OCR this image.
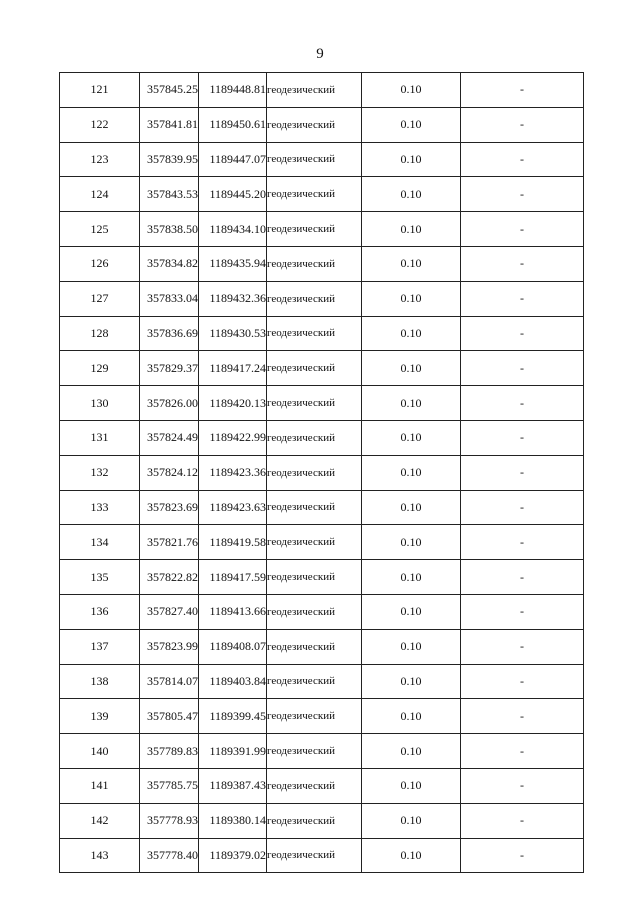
9
121	357845.25	1189448.81	геодезический	0.10	-
122	357841.81	1189450.61	геодезический	0.10	-
123	357839.95	1189447.07	геодезический	0.10	-
124	357843.53	1189445.20	геодезический	0.10	-
125	357838.50	1189434.10	геодезический	0.10	-
126	357834.82	1189435.94	геодезический	0.10	-
127	357833.04	1189432.36	геодезический	0.10	-
128	357836.69	1189430.53	геодезический	0.10	-
129	357829.37	1189417.24	геодезический	0.10	-
130	357826.00	1189420.13	геодезический	0.10	-
131	357824.49	1189422.99	геодезический	0.10	-
132	357824.12	1189423.36	геодезический	0.10	-
133	357823.69	1189423.63	геодезический	0.10	-
134	357821.76	1189419.58	геодезический	0.10	-
135	357822.82	1189417.59	геодезический	0.10	-
136	357827.40	1189413.66	геодезический	0.10	-
137	357823.99	1189408.07	геодезический	0.10	-
138	357814.07	1189403.84	геодезический	0.10	-
139	357805.47	1189399.45	геодезический	0.10	-
140	357789.83	1189391.99	геодезический	0.10	-
141	357785.75	1189387.43	геодезический	0.10	-
142	357778.93	1189380.14	геодезический	0.10	-
143	357778.40	1189379.02	геодезический	0.10	-
